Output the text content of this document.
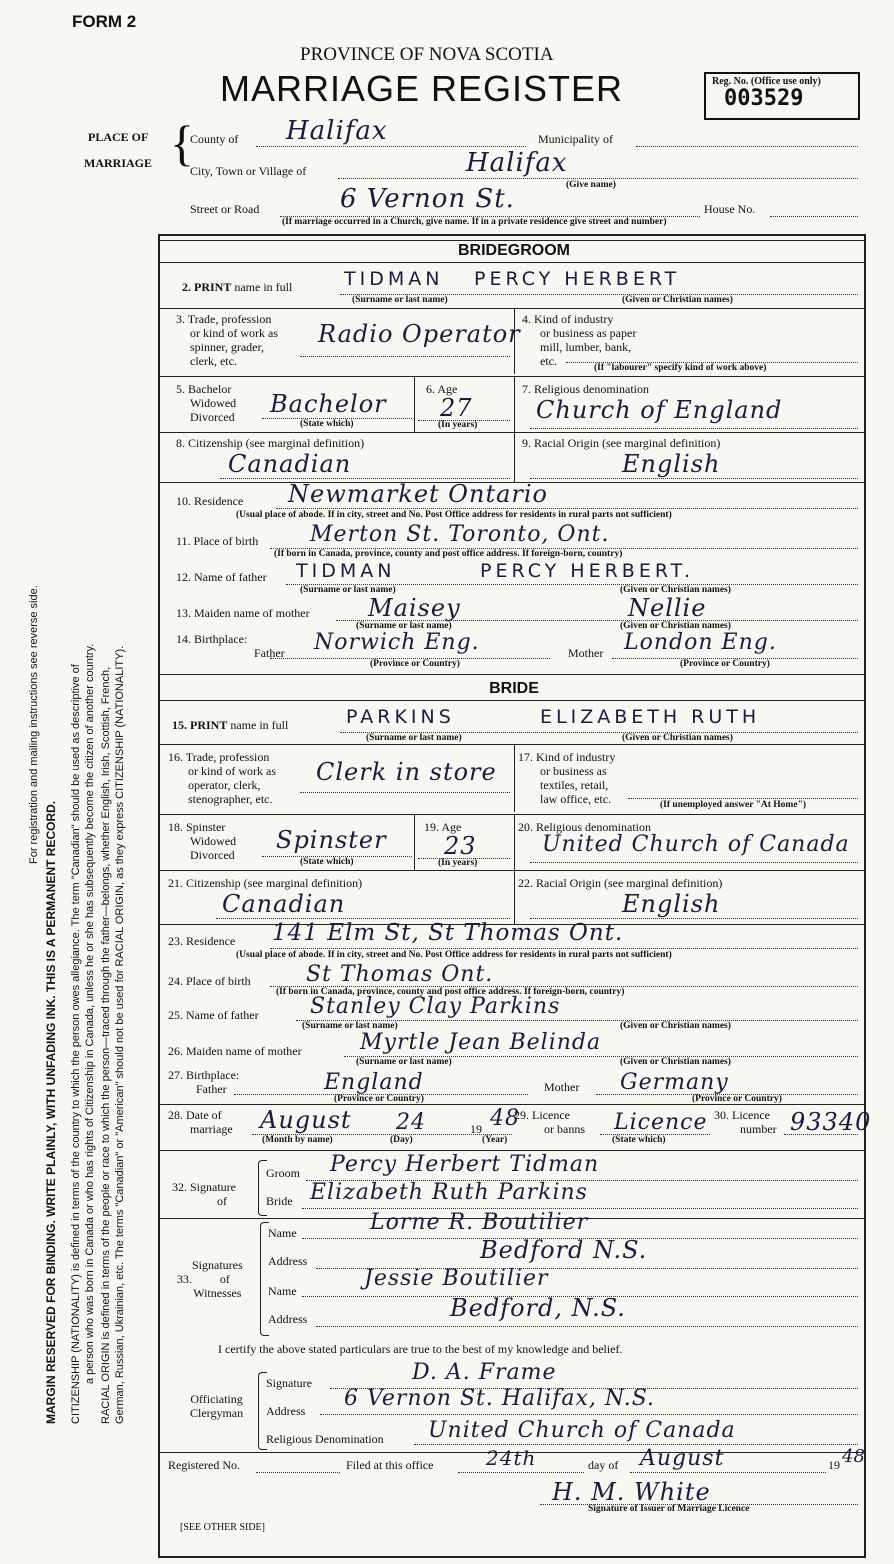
For registration and mailing instructions see reverse side.
MARGIN RESERVED FOR BINDING. WRITE PLAINLY, WITH UNFADING INK. THIS IS A PERMANENT RECORD. CITIZENSHIP (NATIONALITY) is defined in terms of the country to which the person owes allegiance. The term "Canadian" should be used as descriptive of a person who was born in Canada or who has rights of Citizenship in Canada, unless he or she has subsequently become the citizen of another country. RACIAL ORIGIN is defined in terms of the people or race to which the person—traced through the father—belongs, whether English, Irish, Scottish, French, German, Russian, Ukrainian, etc. The terms "Canadian" or "American" should not be used for RACIAL ORIGIN, as they express CITIZENSHIP (NATIONALITY).
FORM 2
PROVINCE OF NOVA SCOTIA
MARRIAGE REGISTER	Reg. No. (Office use only)
003529
PLACE OF
MARRIAGE {
County of Halifax	Municipality of
City, Town or Village of	Halifax
(Give name)
Street or Road	6 Vernon St.	House No.
(If marriage occurred in a Church, give name. If in a private residence give street and number)
BRIDEGROOM
2. PRINT name in full	TIDMAN PERCY HERBERT
(Surname or last name)	(Given or Christian names)
3. Trade, profession
or kind of work as
spinner, grader,
clerk, etc.
Radio Operator
4. Kind of industry
or business as paper
mill, lumber, bank,
etc.	(If "labourer" specify kind of work above)
5. Bachelor
Widowed
Divorced Bachelor
(State which)
6. Age
27
(In years)
7. Religious denomination
Church of England
8. Citizenship (see marginal definition)
Canadian
9. Racial Origin (see marginal definition)
English
10. Residence Newmarket Ontario
(Usual place of abode. If in city, street and No. Post Office address for residents in rural parts not sufficient)
11. Place of birth Merton St. Toronto, Ont.
(If born in Canada, province, county and post office address. If foreign-born, country)
12. Name of father TIDMAN	PERCY HERBERT.
(Surname or last name)	(Given or Christian names)
13. Maiden name of mother Maisey	Nellie
(Surname or last name)	(Given or Christian names)
14. Birthplace:
Father Norwich Eng.	Mother London Eng.
(Province or Country)	(Province or Country)
BRIDE
15. PRINT name in full	PARKINS	ELIZABETH RUTH
(Surname or last name)	(Given or Christian names)
16. Trade, profession
or kind of work as
operator, clerk,
stenographer, etc.
Clerk in store
17. Kind of industry
or business as
textiles, retail,
law office, etc.	(If unemployed answer "At Home")
18. Spinster
Widowed
Divorced
Spinster
(State which)
19. Age
23
(In years)
20. Religious denomination
United Church of Canada
21. Citizenship (see marginal definition)
Canadian
22. Racial Origin (see marginal definition)
English
23. Residence 141 Elm St, St Thomas Ont.
(Usual place of abode. If in city, street and No. Post Office address for residents in rural parts not sufficient)
24. Place of birth	St Thomas Ont.
(If born in Canada, province, county and post office address. If foreign-born, country)
25. Name of father Stanley Clay Parkins
(Surname or last name)	(Given or Christian names)
26. Maiden name of mother	Myrtle Jean Belinda
(Surname or last name)	(Given or Christian names)
27. Birthplace:
Father	England	Mother Germany
(Province or Country)	(Province or Country)
28. Date of
marriage August 24	19 48
(Month by name)	(Day)	(Year)
29. Licence
or banns Licence
(State which)
30. Licence
number 93340
32. Signature
of
Groom Percy Herbert Tidman
Bride Elizabeth Ruth Parkins
Signatures
33. of
Witnesses
Name	Lorne R. Boutilier
Address	Bedford N.S.
Name	Jessie Boutilier
Address	Bedford, N.S.
I certify the above stated particulars are true to the best of my knowledge and belief.
Officiating
Clergyman
Signature	D. A. Frame
Address 6 Vernon St. Halifax, N.S.
Religious Denomination United Church of Canada
Registered No.	Filed at this office	24th	day of August	19 48
H. M. White
Signature of Issuer of Marriage Licence
[SEE OTHER SIDE]
